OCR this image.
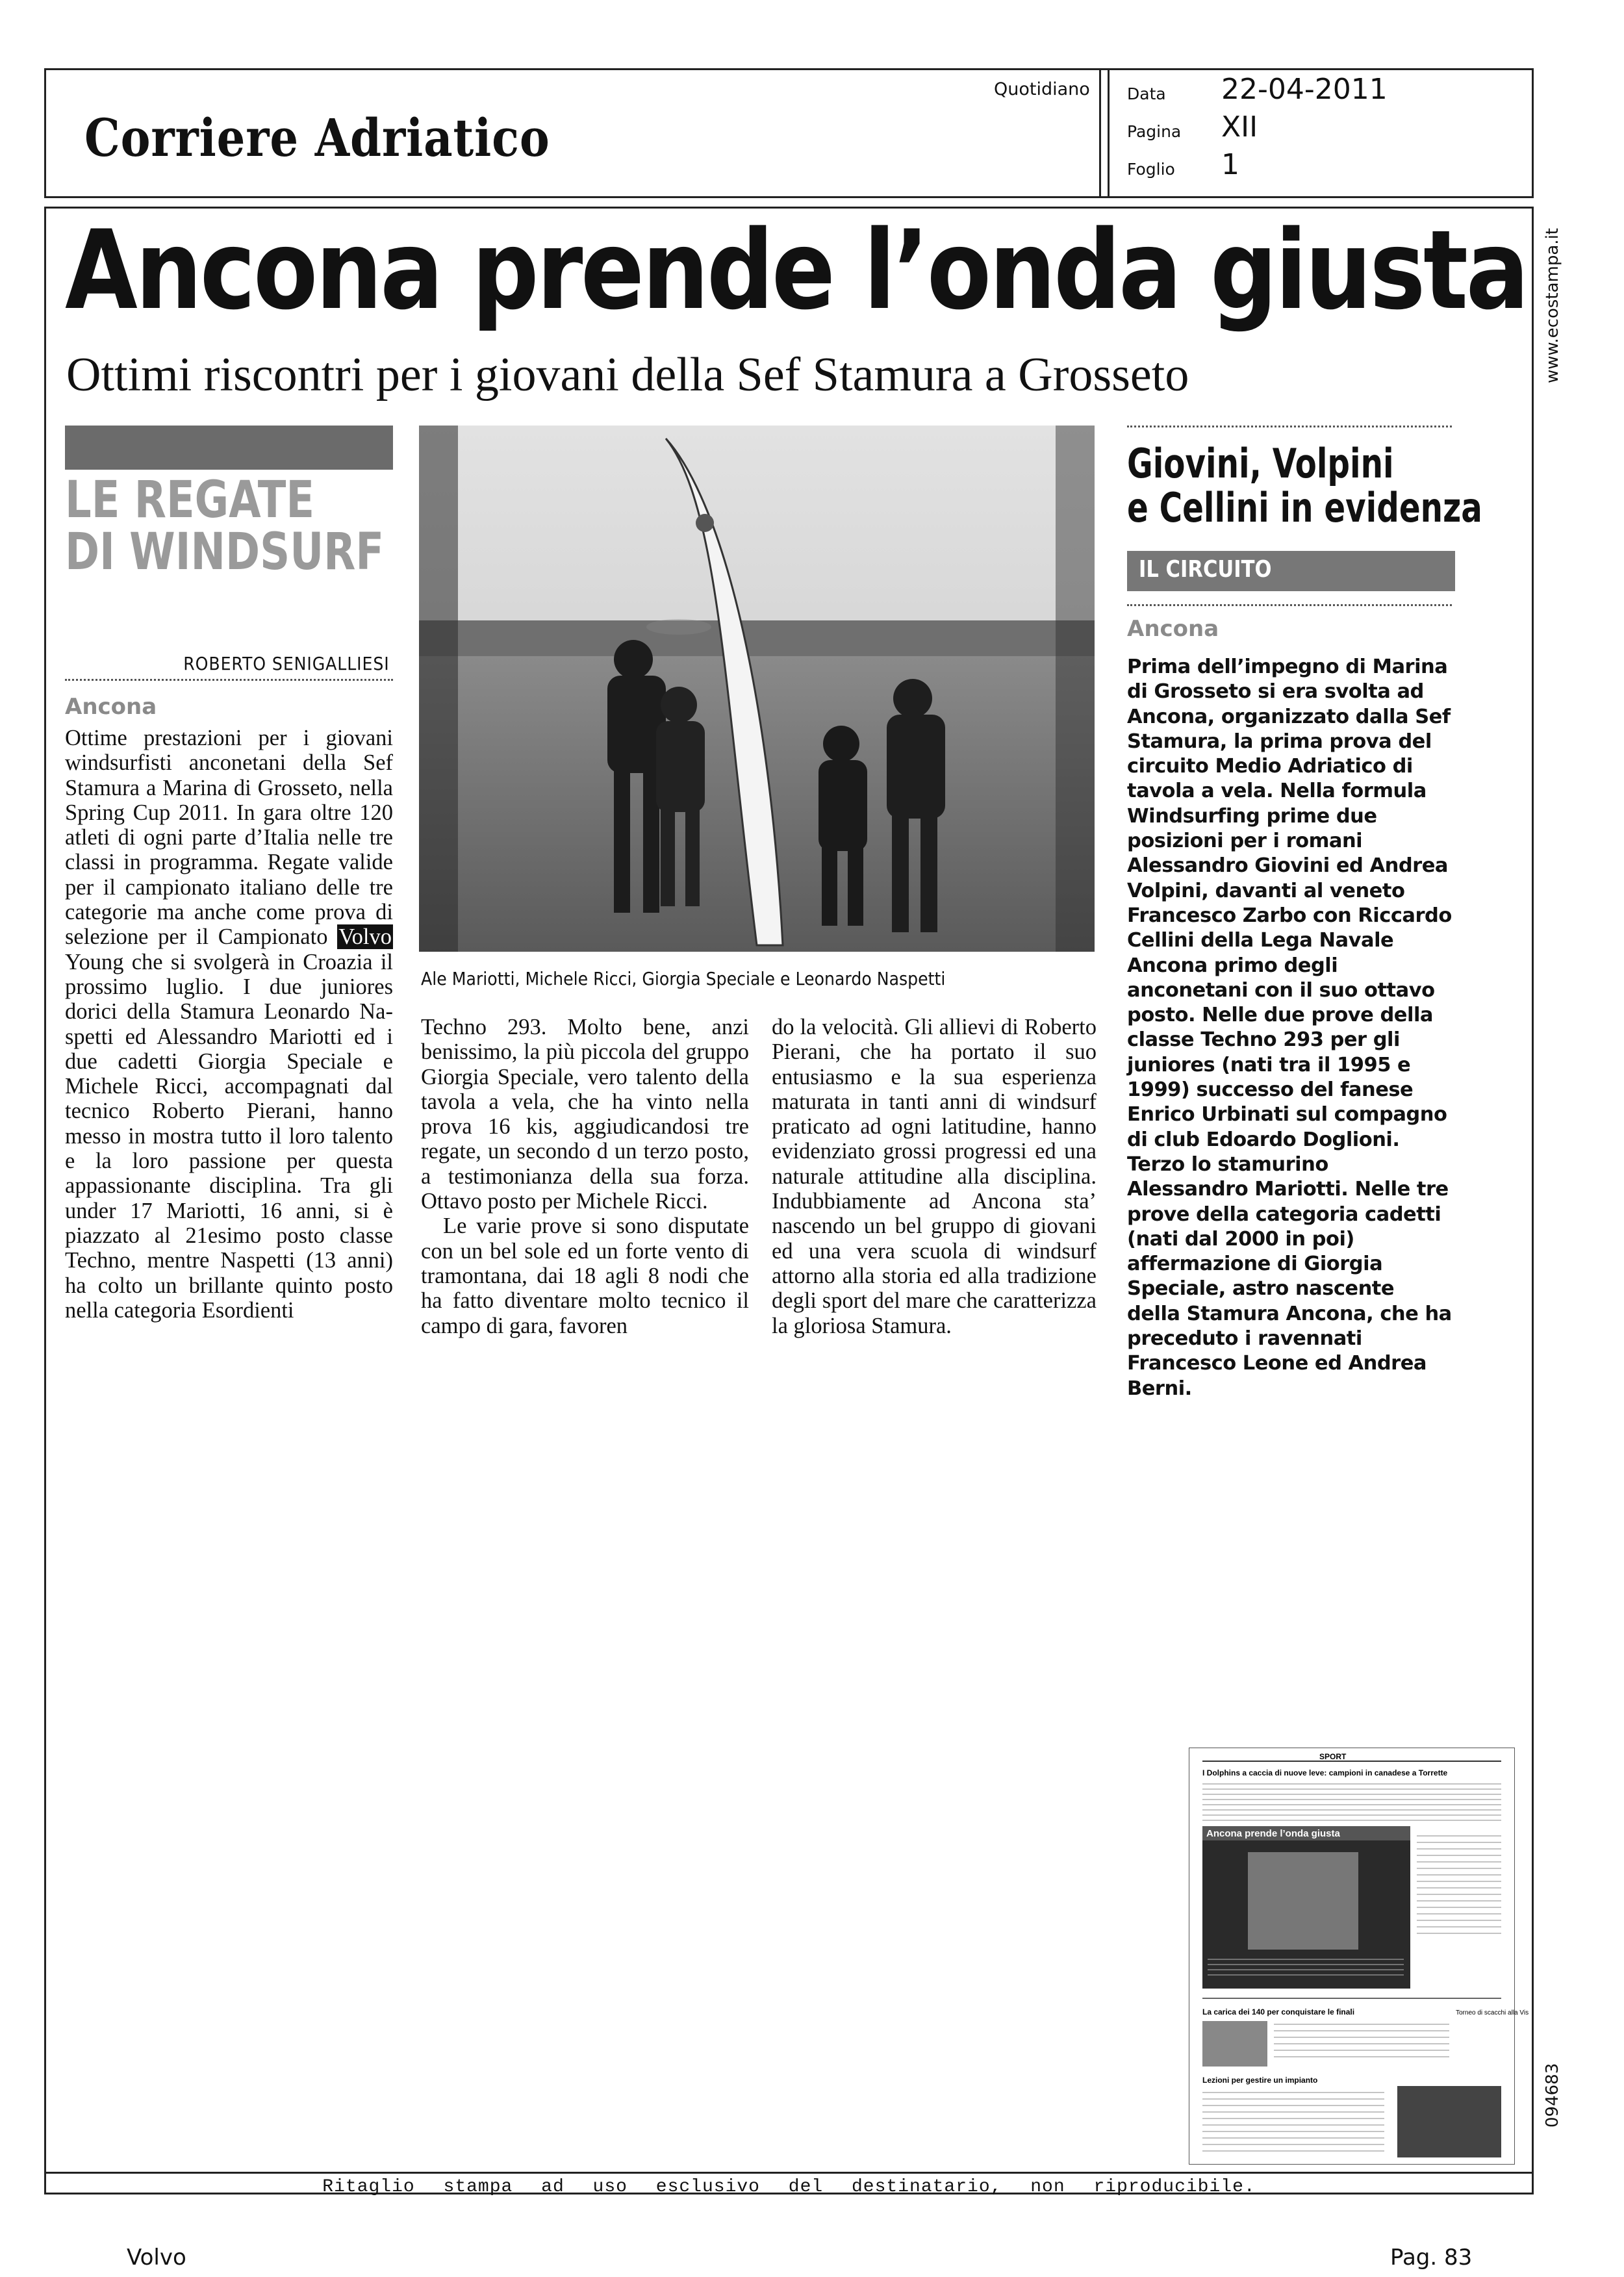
Corriere Adriatico
Quotidiano Data 22-04-2011
Pagina XII
Foglio 1
www.ecostampa.it
094683
Ancona prende l’onda giusta
Ottimi riscontri per i giovani della Sef Stamura a Grosseto
LE REGATE
DI WINDSURF
ROBERTO SENIGALLIESI
Ancona

Ottime prestazioni per i giovani windsurfisti anconetani della Sef Stamura a Marina di Grosseto, nella Spring Cup 2011. In gara oltre 120 atleti di ogni parte d’Italia nelle tre classi in programma. Regate valide per il campionato italiano delle tre categorie ma anche come prova di selezione per il Campionato Volvo Young che si svolgerà in Croazia il prossimo luglio. I due juniores dorici della Stamura Leonardo Naspetti ed Alessandro Mariotti ed i due cadetti Giorgia Speciale e Michele Ricci, accompagnati dal tecnico Roberto Pierani, hanno messo in mostra tutto il loro talento e la loro passione per questa appassionante disciplina. Tra gli under 17 Mariotti, 16 anni, si è piazzato al 21esimo posto classe Techno, mentre Naspetti (13 anni) ha colto un brillante quinto posto nella categoria Esordienti

Ale Mariotti, Michele Ricci, Giorgia Speciale e Leonardo Naspetti

Techno 293. Molto bene, anzi benissimo, la più piccola del gruppo Giorgia Speciale, vero talento della tavola a vela, che ha vinto nella prova 16 kis, aggiudicandosi tre regate, un secondo d un terzo posto, a testimonianza della sua forza. Ottavo posto per Michele Ricci.

Le varie prove si sono disputate con un bel sole ed un forte vento di tramontana, dai 18 agli 8 nodi che ha fatto diventare molto tecnico il campo di gara, favoren

do la velocità. Gli allievi di Roberto Pierani, che ha portato il suo entusiasmo e la sua esperienza maturata in tanti anni di windsurf praticato ad ogni latitudine, hanno evidenziato grossi progressi ed una naturale attitudine alla disciplina. Indubbiamente ad Ancona sta’ nascendo un bel gruppo di giovani ed una vera scuola di windsurf attorno alla storia ed alla tradizione degli sport del mare che caratterizza la gloriosa Stamura.

Giovini, Volpini
e Cellini in evidenza
IL CIRCUITO
Ancona
Prima dell’impegno di Marina di Grosseto si era svolta ad Ancona, organizzato dalla Sef Stamura, la prima prova del circuito Medio Adriatico di tavola a vela. Nella formula Windsurfing prime due posizioni per i romani Alessandro Giovini ed Andrea Volpini, davanti al veneto Francesco Zarbo con Riccardo Cellini della Lega Navale Ancona primo degli anconetani con il suo ottavo posto. Nelle due prove della classe Techno 293 per gli juniores (nati tra il 1995 e 1999) successo del fanese Enrico Urbinati sul compagno di club Edoardo Doglioni. Terzo lo stamurino Alessandro Mariotti. Nelle tre prove della categoria cadetti (nati dal 2000 in poi) affermazione di Giorgia Speciale, astro nascente della Stamura Ancona, che ha preceduto i ravennati Francesco Leone ed Andrea Berni.
SPORT
I Dolphins a caccia di nuove leve: campioni in canadese a Torrette
Ancona prende l’onda giusta
La carica dei 140 per conquistare le finali	Torneo di scacchi alla Vis
Lezioni per gestire un impianto
Ritaglio stampa ad uso esclusivo del destinatario, non riproducibile.
Volvo	Pag. 83
